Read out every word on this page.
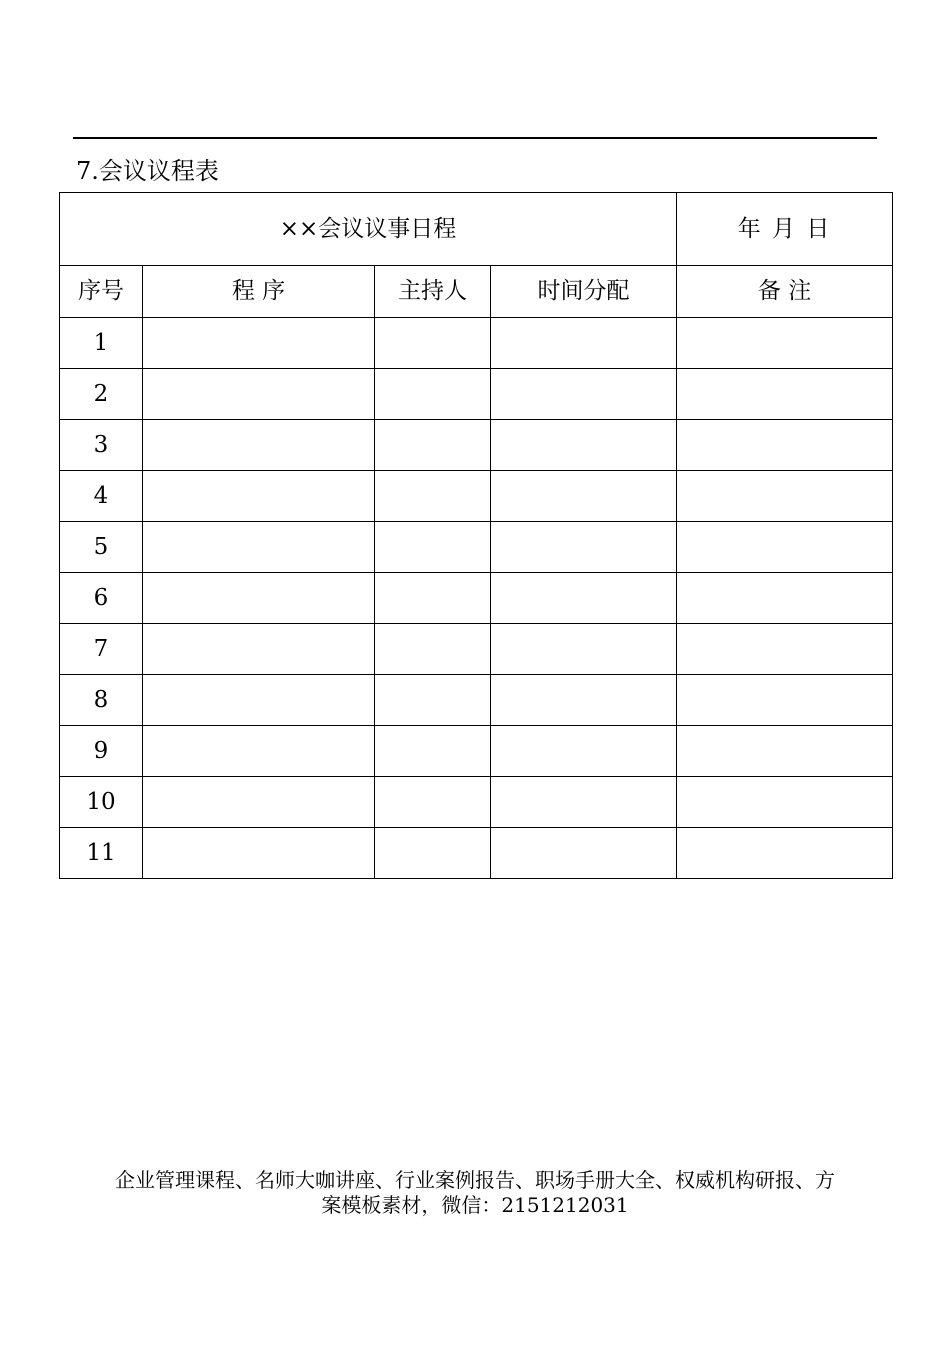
7.会议议程表
××会议议事日程				年 月 日
序号	程 序	主持人	时间分配	备 注
1				
2				
3				
4				
5				
6				
7				
8				
9				
10				
11				
企业管理课程、名师大咖讲座、行业案例报告、职场手册大全、权威机构研报、方
案模板素材，微信：2151212031
